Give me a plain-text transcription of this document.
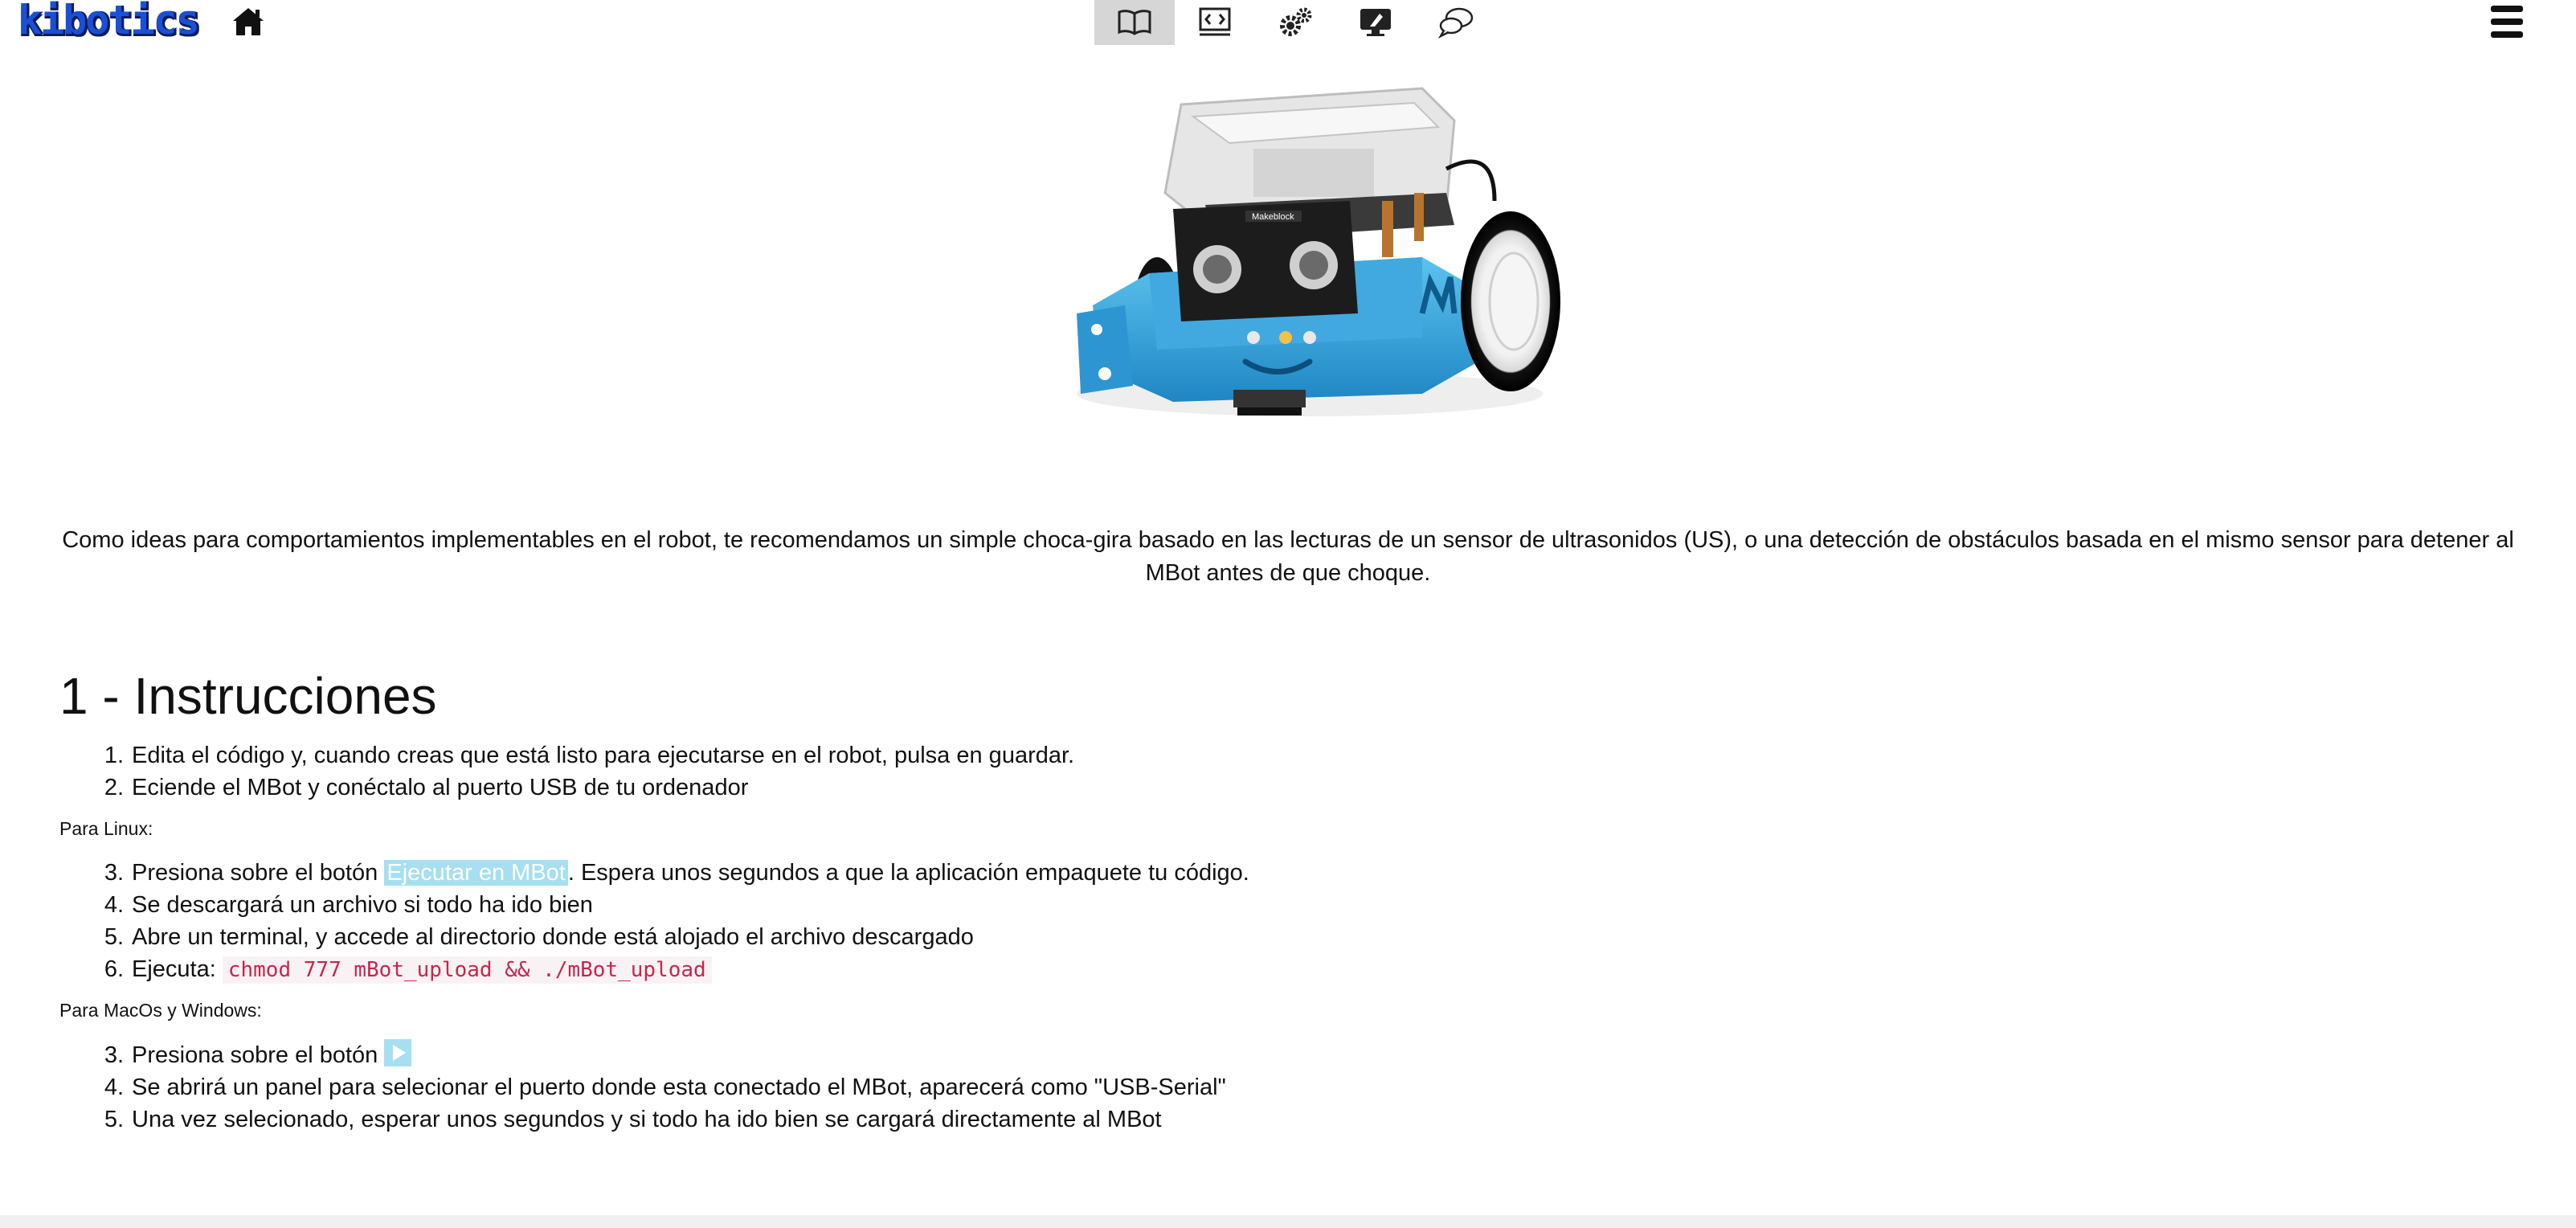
kibotics
Makeblock
Como ideas para comportamientos implementables en el robot, te recomendamos un simple choca-gira basado en las lecturas de un sensor de ultrasonidos (US), o una detección de obstáculos basada en el mismo sensor para detener al MBot antes de que choque.
1 - Instrucciones
1. Edita el código y, cuando creas que está listo para ejecutarse en el robot, pulsa en guardar.
2. Eciende el MBot y conéctalo al puerto USB de tu ordenador
Para Linux:
3. Presiona sobre el botón Ejecutar en MBot . Espera unos segundos a que la aplicación empaquete tu código.
4. Se descargará un archivo si todo ha ido bien
5. Abre un terminal, y accede al directorio donde está alojado el archivo descargado
6. Ejecuta: chmod 777 mBot_upload && ./mBot_upload
Para MacOs y Windows:
3. Presiona sobre el botón
4. Se abrirá un panel para selecionar el puerto donde esta conectado el MBot, aparecerá como "USB-Serial"
5. Una vez selecionado, esperar unos segundos y si todo ha ido bien se cargará directamente al MBot
